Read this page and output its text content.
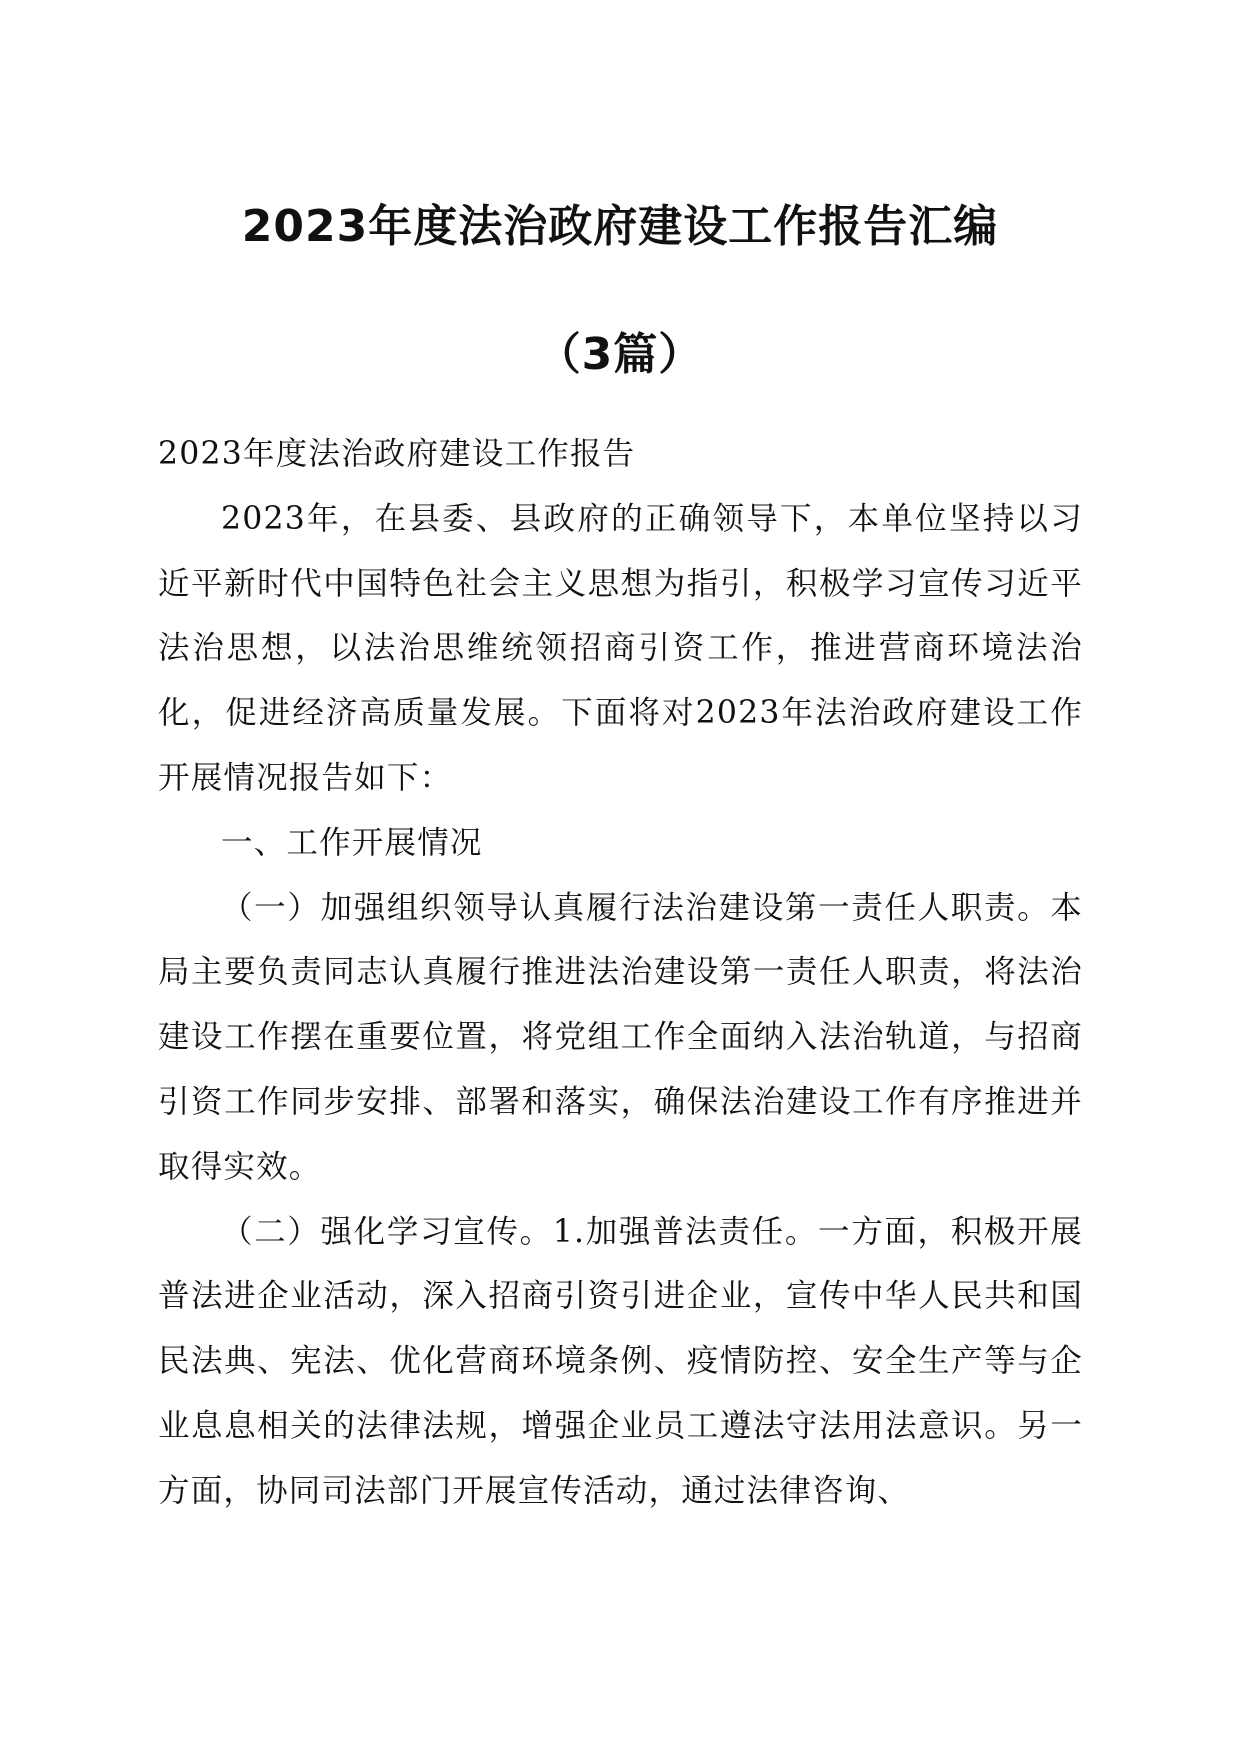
2023年度法治政府建设工作报告汇编
（3篇）

2023年度法治政府建设工作报告

2023年，在县委、县政府的正确领导下，本单位坚持以习近平新时代中国特色社会主义思想为指引，积极学习宣传习近平法治思想，以法治思维统领招商引资工作，推进营商环境法治化，促进经济高质量发展。下面将对2023年法治政府建设工作开展情况报告如下：

一、工作开展情况

（一）加强组织领导认真履行法治建设第一责任人职责。本局主要负责同志认真履行推进法治建设第一责任人职责，将法治建设工作摆在重要位置，将党组工作全面纳入法治轨道，与招商引资工作同步安排、部署和落实，确保法治建设工作有序推进并取得实效。

（二）强化学习宣传。1.加强普法责任。一方面，积极开展普法进企业活动，深入招商引资引进企业，宣传中华人民共和国民法典、宪法、优化营商环境条例、疫情防控、安全生产等与企业息息相关的法律法规，增强企业员工遵法守法用法意识。另一方面，协同司法部门开展宣传活动，通过法律咨询、
